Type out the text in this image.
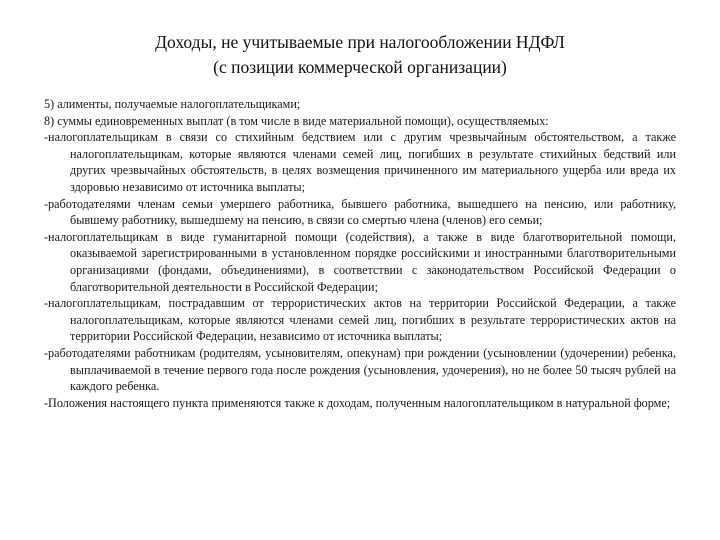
Доходы, не учитываемые при налогообложении НДФЛ
(с позиции коммерческой организации)

5) алименты, получаемые налогоплательщиками;

8) суммы единовременных выплат (в том числе в виде материальной помощи), осуществляемых:

-налогоплательщикам в связи со стихийным бедствием или с другим чрезвычайным обстоятельством, а также налогоплательщикам, которые являются членами семей лиц, погибших в результате стихийных бедствий или других чрезвычайных обстоятельств, в целях возмещения причиненного им материального ущерба или вреда их здоровью независимо от источника выплаты;

-работодателями членам семьи умершего работника, бывшего работника, вышедшего на пенсию, или работнику, бывшему работнику, вышедшему на пенсию, в связи со смертью члена (членов) его семьи;

-налогоплательщикам в виде гуманитарной помощи (содействия), а также в виде благотворительной помощи, оказываемой зарегистрированными в установленном порядке российскими и иностранными благотворительными организациями (фондами, объединениями), в соответствии с законодательством Российской Федерации о благотворительной деятельности в Российской Федерации;

-налогоплательщикам, пострадавшим от террористических актов на территории Российской Федерации, а также налогоплательщикам, которые являются членами семей лиц, погибших в результате террористических актов на территории Российской Федерации, независимо от источника выплаты;

-работодателями работникам (родителям, усыновителям, опекунам) при рождении (усыновлении (удочерении) ребенка, выплачиваемой в течение первого года после рождения (усыновления, удочерения), но не более 50 тысяч рублей на каждого ребенка.

-Положения настоящего пункта применяются также к доходам, полученным налогоплательщиком в натуральной форме;
